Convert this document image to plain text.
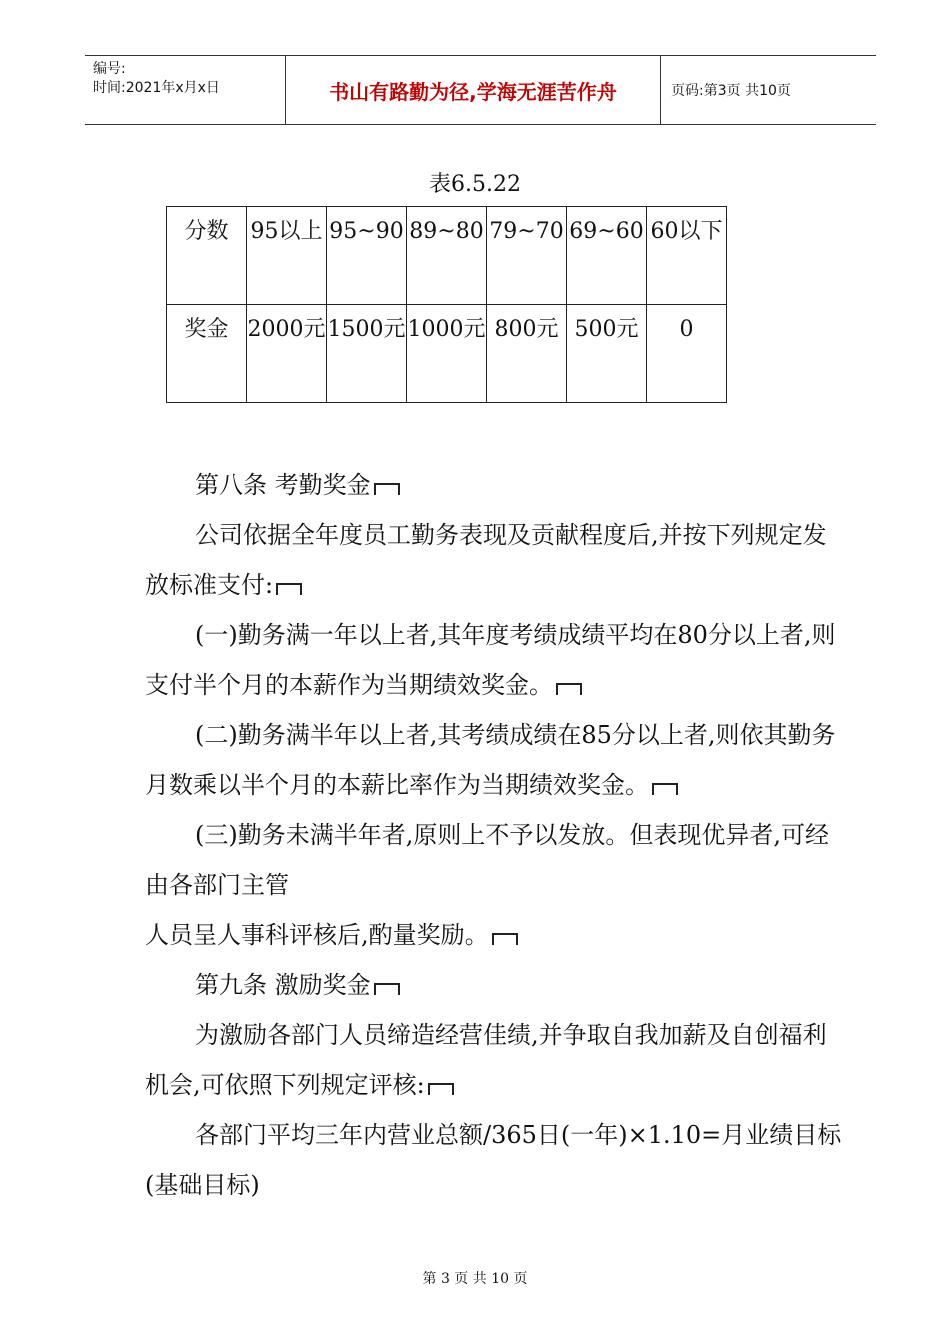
编号:
时间:2021年x月x日	书山有路勤为径,学海无涯苦作舟	页码:第3页 共10页
表6.5.22
分数	95以上	95~90	89~80	79~70	69~60	60以下
奖金	2000元	1500元	1000元	800元	500元	0

第八条 考勤奖金

公司依据全年度员工勤务表现及贡献程度后,并按下列规定发放标准支付:

(一)勤务满一年以上者,其年度考绩成绩平均在80分以上者,则支付半个月的本薪作为当期绩效奖金。

(二)勤务满半年以上者,其考绩成绩在85分以上者,则依其勤务月数乘以半个月的本薪比率作为当期绩效奖金。

(三)勤务未满半年者,原则上不予以发放。但表现优异者,可经由各部门主管

人员呈人事科评核后,酌量奖励。

第九条 激励奖金

为激励各部门人员缔造经营佳绩,并争取自我加薪及自创福利机会,可依照下列规定评核:

各部门平均三年内营业总额/365日(一年)×1.10=月业绩目标(基础目标)

第 3 页 共 10 页
